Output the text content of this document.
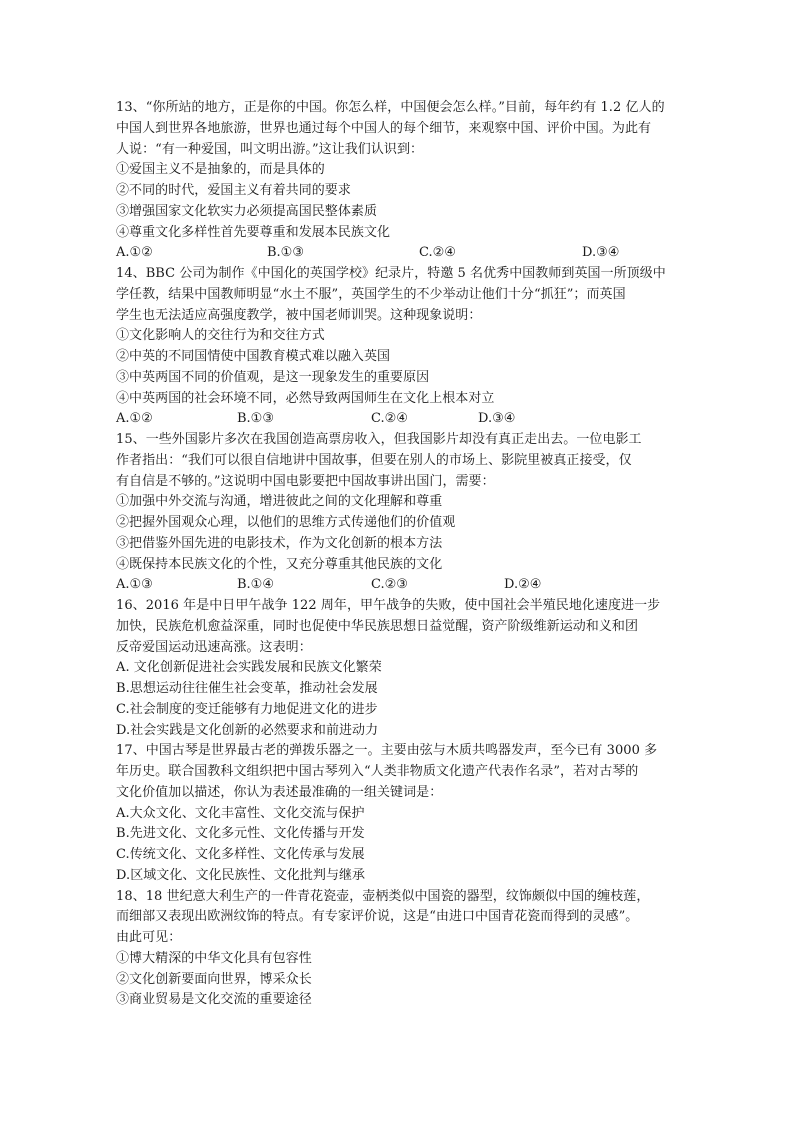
13、“你所站的地方，正是你的中国。你怎么样，中国便会怎么样。”目前，每年约有 1.2 亿人的
中国人到世界各地旅游，世界也通过每个中国人的每个细节，来观察中国、评价中国。为此有
人说：“有一种爱国，叫文明出游。”这让我们认识到：
①爱国主义不是抽象的，而是具体的
②不同的时代，爱国主义有着共同的要求
③增强国家文化软实力必须提高国民整体素质
④尊重文化多样性首先要尊重和发展本民族文化
A.①②	B.①③	C.②④	D.③④
14、BBC 公司为制作《中国化的英国学校》纪录片，特邀 5 名优秀中国教师到英国一所顶级中
学任教，结果中国教师明显“水土不服”，英国学生的不少举动让他们十分“抓狂”；而英国
学生也无法适应高强度教学，被中国老师训哭。这种现象说明：
①文化影响人的交往行为和交往方式
②中英的不同国情使中国教育模式难以融入英国
③中英两国不同的价值观，是这一现象发生的重要原因
④中英两国的社会环境不同，必然导致两国师生在文化上根本对立
A.①②	B.①③	C.②④	D.③④
15、一些外国影片多次在我国创造高票房收入，但我国影片却没有真正走出去。一位电影工
作者指出：“我们可以很自信地讲中国故事，但要在别人的市场上、影院里被真正接受，仅
有自信是不够的。”这说明中国电影要把中国故事讲出国门，需要：
①加强中外交流与沟通，增进彼此之间的文化理解和尊重
②把握外国观众心理，以他们的思维方式传递他们的价值观
③把借鉴外国先进的电影技术，作为文化创新的根本方法
④既保持本民族文化的个性，又充分尊重其他民族的文化
A.①③	B.①④	C.②③	D.②④
16、2016 年是中日甲午战争 122 周年，甲午战争的失败，使中国社会半殖民地化速度进一步
加快，民族危机愈益深重，同时也促使中华民族思想日益觉醒，资产阶级维新运动和义和团
反帝爱国运动迅速高涨。这表明：
A. 文化创新促进社会实践发展和民族文化繁荣
B.思想运动往往催生社会变革，推动社会发展
C.社会制度的变迁能够有力地促进文化的进步
D.社会实践是文化创新的必然要求和前进动力
17、中国古琴是世界最古老的弹拨乐器之一。主要由弦与木质共鸣器发声，至今已有 3000 多
年历史。联合国教科文组织把中国古琴列入“人类非物质文化遗产代表作名录”，若对古琴的
文化价值加以描述，你认为表述最准确的一组关键词是：
A.大众文化、文化丰富性、文化交流与保护
B.先进文化、文化多元性、文化传播与开发
C.传统文化、文化多样性、文化传承与发展
D.区域文化、文化民族性、文化批判与继承
18、18 世纪意大利生产的一件青花瓷壶，壶柄类似中国瓷的器型，纹饰颇似中国的缠枝莲，
而细部又表现出欧洲纹饰的特点。有专家评价说，这是“由进口中国青花瓷而得到的灵感”。
由此可见：
①博大精深的中华文化具有包容性
②文化创新要面向世界，博采众长
③商业贸易是文化交流的重要途径
